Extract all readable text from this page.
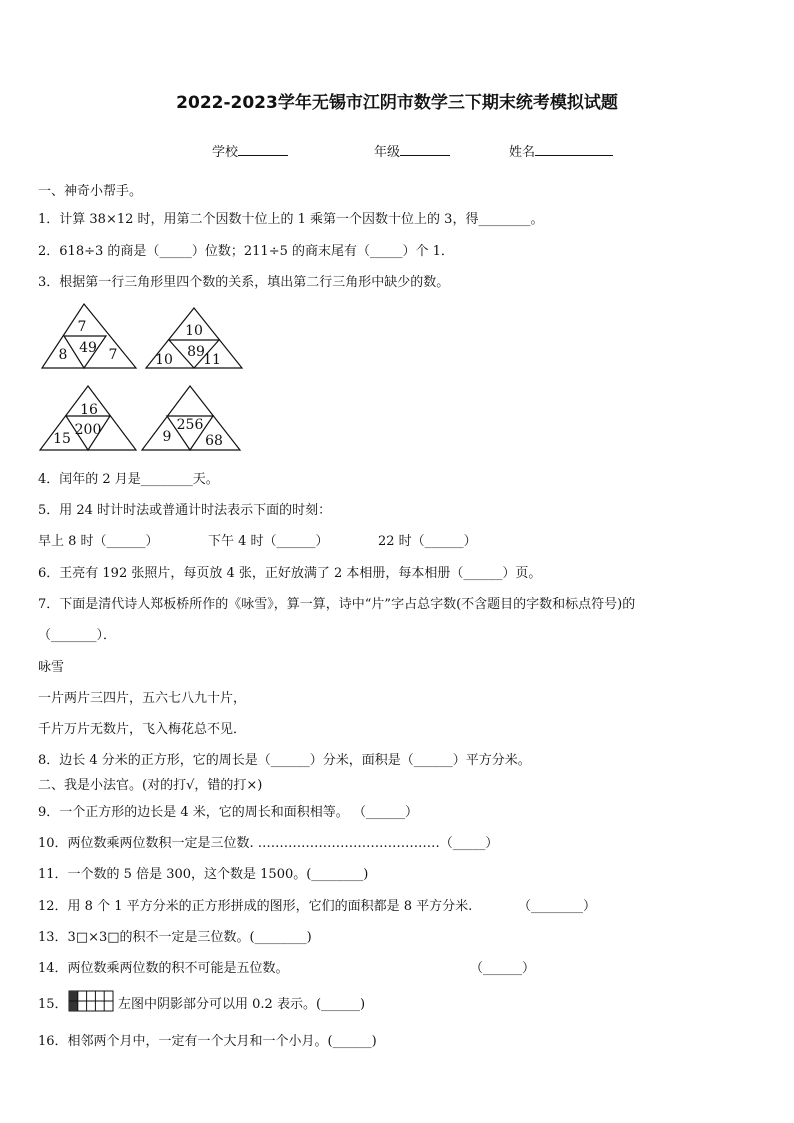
2022-2023学年无锡市江阴市数学三下期末统考模拟试题
学校	年级	姓名
一、神奇小帮手。
1．计算 38×12 时，用第二个因数十位上的 1 乘第一个因数十位上的 3，得________。
2．618÷3 的商是（_____）位数；211÷5 的商末尾有（_____）个 1．
3．根据第一行三角形里四个数的关系，填出第二行三角形中缺少的数。
7
8 49 7
10
10 89
11
16
15
200	256
9 68
4．闰年的 2 月是________天。
5．用 24 时计时法或普通计时法表示下面的时刻：
早上 8 时（______）	下午 4 时（______）	22 时（______）
6．王亮有 192 张照片，每页放 4 张，正好放满了 2 本相册，每本相册（______）页。
7．下面是清代诗人郑板桥所作的《咏雪》，算一算，诗中“片”字占总字数(不含题目的字数和标点符号)的
（_______）．
咏雪
一片两片三四片，五六七八九十片，
千片万片无数片，飞入梅花总不见．
8．边长 4 分米的正方形，它的周长是（______）分米，面积是（______）平方分米。
二、我是小法官。(对的打√，错的打×)
9．一个正方形的边长是 4 米，它的周长和面积相等。 （______）
10．两位数乘两位数积一定是三位数. ……………………………………（_____）
11．一个数的 5 倍是 300，这个数是 1500。(________)
12．用 8 个 1 平方分米的正方形拼成的图形，它们的面积都是 8 平方分米.	（________）
13．3□×3□的积不一定是三位数。(________)
14．两位数乘两位数的积不可能是五位数。	（______）
15．	左图中阴影部分可以用 0.2 表示。(______)
16．相邻两个月中，一定有一个大月和一个小月。(______)
